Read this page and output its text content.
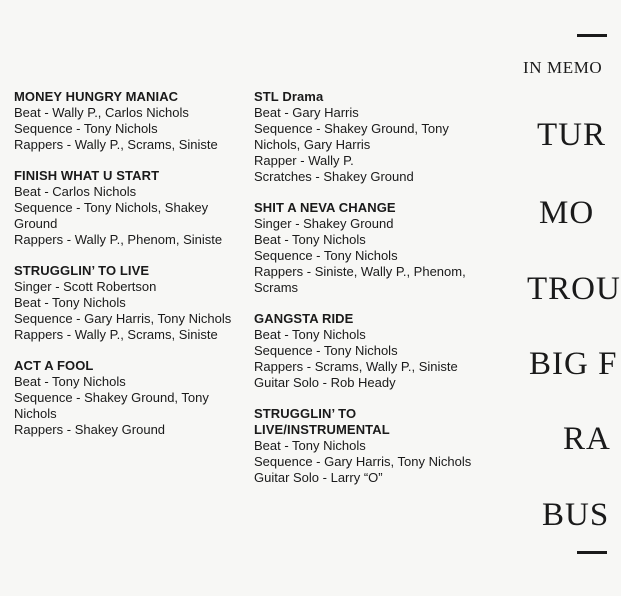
MONEY HUNGRY MANIAC

Beat - Wally P., Carlos Nichols

Sequence - Tony Nichols

Rappers - Wally P., Scrams, Siniste

FINISH WHAT U START

Beat - Carlos Nichols

Sequence - Tony Nichols, Shakey Ground

Rappers - Wally P., Phenom, Siniste

STRUGGLIN’ TO LIVE

Singer - Scott Robertson

Beat - Tony Nichols

Sequence - Gary Harris, Tony Nichols

Rappers - Wally P., Scrams, Siniste

ACT A FOOL

Beat - Tony Nichols

Sequence - Shakey Ground, Tony Nichols

Rappers - Shakey Ground

STL Drama

Beat - Gary Harris

Sequence - Shakey Ground, Tony Nichols, Gary Harris

Rapper - Wally P.

Scratches - Shakey Ground

SHIT A NEVA CHANGE

Singer - Shakey Ground

Beat - Tony Nichols

Sequence - Tony Nichols

Rappers - Siniste, Wally P., Phenom, Scrams

GANGSTA RIDE

Beat - Tony Nichols

Sequence - Tony Nichols

Rappers - Scrams, Wally P., Siniste

Guitar Solo - Rob Heady

STRUGGLIN’ TO LIVE/INSTRUMENTAL

Beat - Tony Nichols

Sequence - Gary Harris, Tony Nichols

Guitar Solo - Larry “O”

IN MEMO
TUR
MO
TROU
BIG F
RA
BUS
